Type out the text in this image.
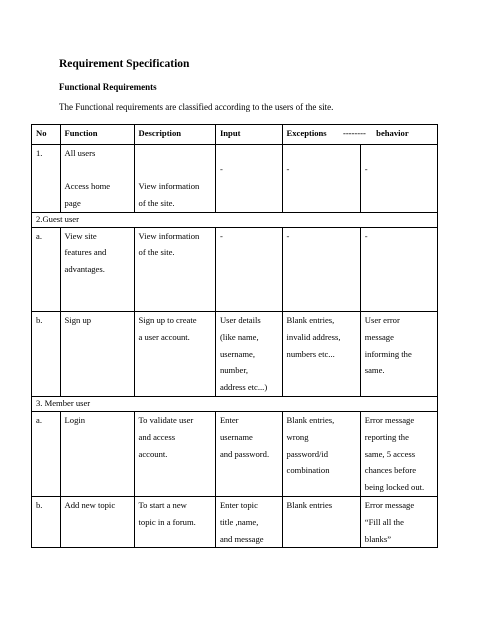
Requirement Specification
Functional Requirements
The Functional requirements are classified according to the users of the site.
No	Function	Description	Input	Exceptions -------- behavior	
1.	All users
Access home
page	View information
of the site.	-	-	-

2.Guest user					
a.	View site
features and
advantages.	View information
of the site.	-	-	-

b.	Sign up	Sign up to create
a user account.	User details
(like name,
username,
number,
address etc...)	Blank entries,
invalid address,
numbers etc...	User error
message
informing the
same.

3. Member user					
a.	Login	To validate user
and access
account.	Enter
username
and password.	Blank entries,
wrong
password/id
combination	Error message
reporting the
same, 5 access
chances before
being locked out.

b.	Add new topic	To start a new
topic in a forum.	Enter topic
title ,name,
and message	Blank entries	Error message
“Fill all the
blanks”
